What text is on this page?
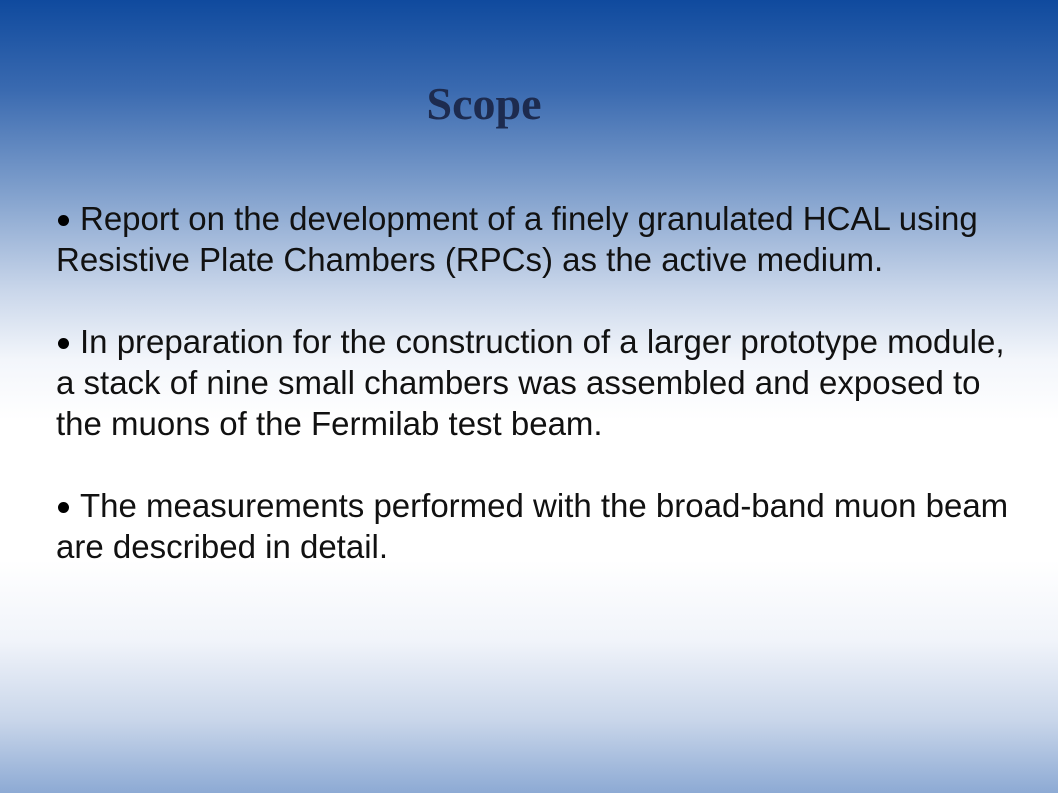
Scope
Report on the development of a finely granulated HCAL using Resistive Plate Chambers (RPCs) as the active medium.
In preparation for the construction of a larger prototype module, a stack of nine small chambers was assembled and exposed to the muons of the Fermilab test beam.
The measurements performed with the broad-band muon beam are described in detail.
